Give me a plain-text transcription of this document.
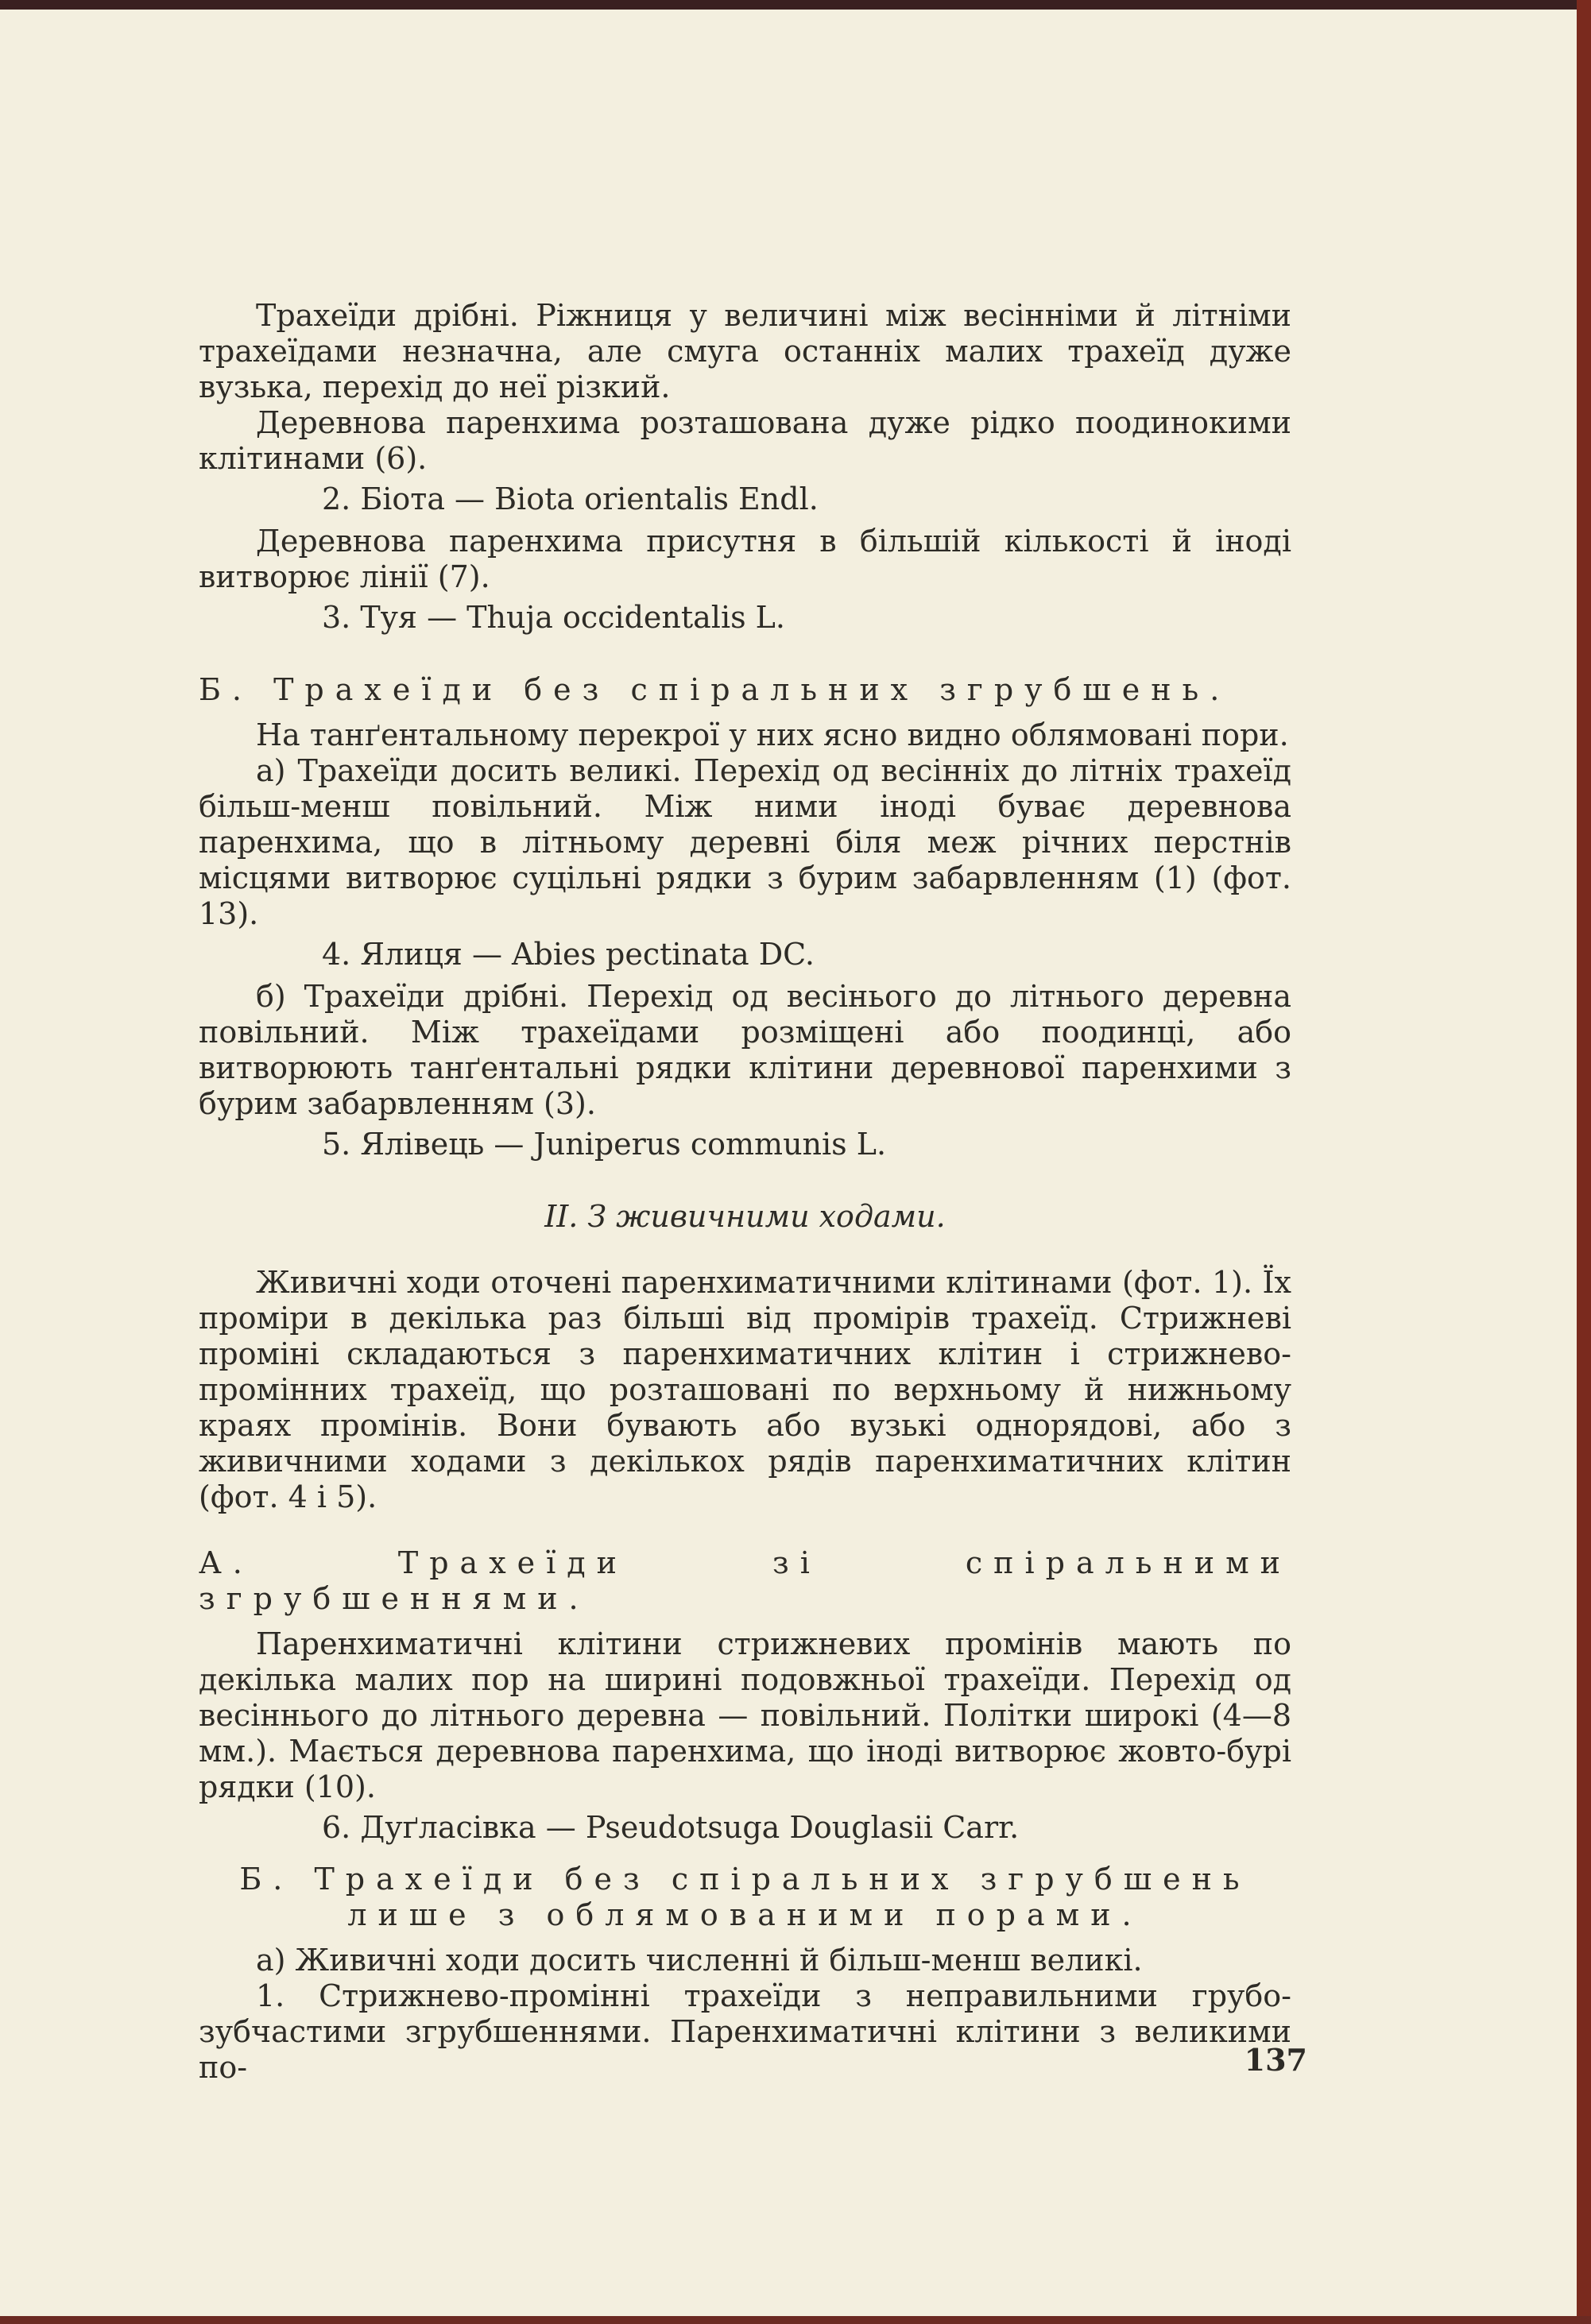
Трахеїди дрібні. Ріжниця у величині між весінніми й літніми трахеїдами незначна, але смуга останніх малих трахеїд дуже вузька, перехід до неї різкий.

Деревнова паренхима розташована дуже рідко поодинокими клітинами (6).

2. Біота — Biota orientalis Endl.

Деревнова паренхима присутня в більшій кількості й іноді витворює лінії (7).

3. Туя — Thuja occidentalis L.

Б. Трахеїди без спіральних згрубшень.

На танґентальному перекрої у них ясно видно облямовані пори.

а) Трахеїди досить великі. Перехід од весінніх до літніх трахеїд більш-менш повільний. Між ними іноді буває деревнова паренхима, що в літньому деревні біля меж річних перстнів місцями витворює суцільні рядки з бурим забарвленням (1) (фот. 13).

4. Ялиця — Abies pectinata DC.

б) Трахеїди дрібні. Перехід од весінього до літнього деревна повільний. Між трахеїдами розміщені або поодинці, або витворюють танґентальні рядки клітини деревнової паренхими з бурим забарвленням (3).

5. Ялівець — Juniperus communis L.

II. З живичними ходами.

Живичні ходи оточені паренхиматичними клітинами (фот. 1). Їх проміри в декілька раз більші від промірів трахеїд. Стрижневі проміні складаються з паренхиматичних клітин і стрижнево-промінних трахеїд, що розташовані по верхньому й нижньому краях промінів. Вони бувають або вузькі однорядові, або з живичними ходами з декількох рядів паренхиматичних клітин (фот. 4 і 5).

А. Трахеїди зі спіральними згрубшеннями.

Паренхиматичні клітини стрижневих промінів мають по декілька малих пор на ширині подовжньої трахеїди. Перехід од весіннього до літнього деревна — повільний. Політки широкі (4—8 мм.). Мається деревнова паренхима, що іноді витворює жовто-бурі рядки (10).

6. Дуґласівка — Pseudotsuga Douglasii Carr.

Б. Трахеїди без спіральних згрубшень

лише з облямованими порами.

а) Живичні ходи досить численні й більш-менш великі.

1. Стрижнево-промінні трахеїди з неправильними грубо-зубчастими згрубшеннями. Паренхиматичні клітини з великими по-	137
